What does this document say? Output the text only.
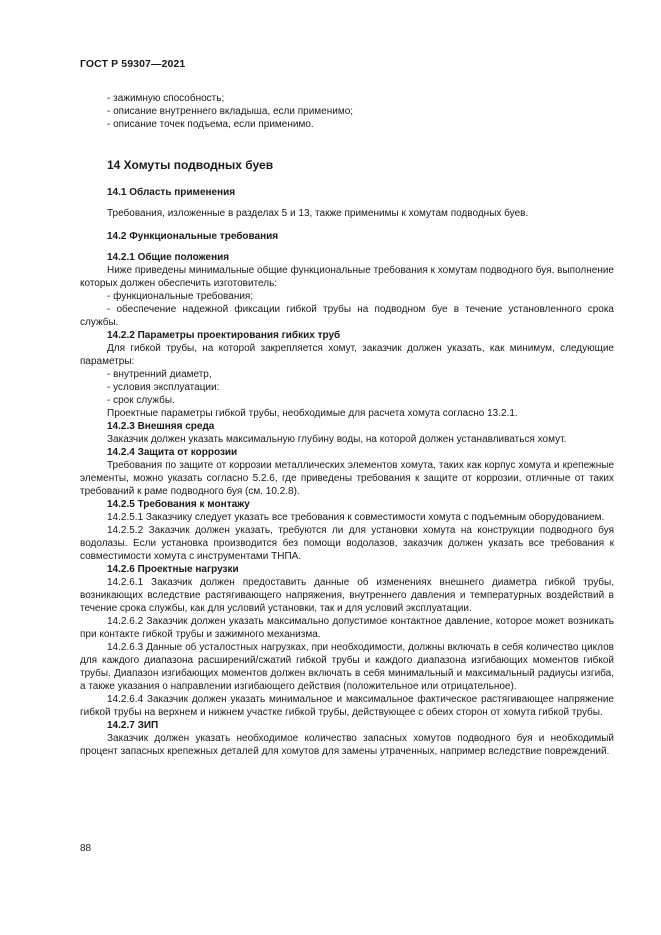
ГОСТ Р 59307—2021

- зажимную способность;

- описание внутреннего вкладыша, если применимо;

- описание точек подъема, если применимо.

14 Хомуты подводных буев

14.1 Область применения

Требования, изложенные в разделах 5 и 13, также применимы к хомутам подводных буев.

14.2 Функциональные требования

14.2.1 Общие положения

Ниже приведены минимальные общие функциональные требования к хомутам подводного буя, выполнение которых должен обеспечить изготовитель:

- функциональные требования;

- обеспечение надежной фиксации гибкой трубы на подводном буе в течение установленного срока службы.

14.2.2 Параметры проектирования гибких труб

Для гибкой трубы, на которой закрепляется хомут, заказчик должен указать, как минимум, следующие параметры:

- внутренний диаметр,

- условия эксплуатации:

- срок службы.

Проектные параметры гибкой трубы, необходимые для расчета хомута согласно 13.2.1.

14.2.3 Внешняя среда

Заказчик должен указать максимальную глубину воды, на которой должен устанавливаться хомут.

14.2.4 Защита от коррозии

Требования по защите от коррозии металлических элементов хомута, таких как корпус хомута и крепежные элементы, можно указать согласно 5.2.6, где приведены требования к защите от коррозии, отличные от таких требований к раме подводного буя (см. 10.2.8).

14.2.5 Требования к монтажу

14.2.5.1 Заказчику следует указать все требования к совместимости хомута с подъемным оборудованием.

14.2.5.2 Заказчик должен указать, требуются ли для установки хомута на конструкции подводного буя водолазы. Если установка производится без помощи водолазов, заказчик должен указать все требования к совместимости хомута с инструментами ТНПА.

14.2.6 Проектные нагрузки

14.2.6.1 Заказчик должен предоставить данные об изменениях внешнего диаметра гибкой трубы, возникающих вследствие растягивающего напряжения, внутреннего давления и температурных воздействий в течение срока службы, как для условий установки, так и для условий эксплуатации.

14.2.6.2 Заказчик должен указать максимально допустимое контактное давление, которое может возникать при контакте гибкой трубы и зажимного механизма.

14.2.6.3 Данные об усталостных нагрузках, при необходимости, должны включать в себя количество циклов для каждого диапазона расширений/сжатий гибкой трубы и каждого диапазона изгибающих моментов гибкой трубы. Диапазон изгибающих моментов должен включать в себя минимальный и максимальный радиусы изгиба, а также указания о направлении изгибающего действия (положительное или отрицательное).

14.2.6.4 Заказчик должен указать минимальное и максимальное фактическое растягивающее напряжение гибкой трубы на верхнем и нижнем участке гибкой трубы, действующее с обеих сторон от хомута гибкой трубы.

14.2.7 ЗИП

Заказчик должен указать необходимое количество запасных хомутов подводного буя и необходимый процент запасных крепежных деталей для хомутов для замены утраченных, например вследствие повреждений.

88
